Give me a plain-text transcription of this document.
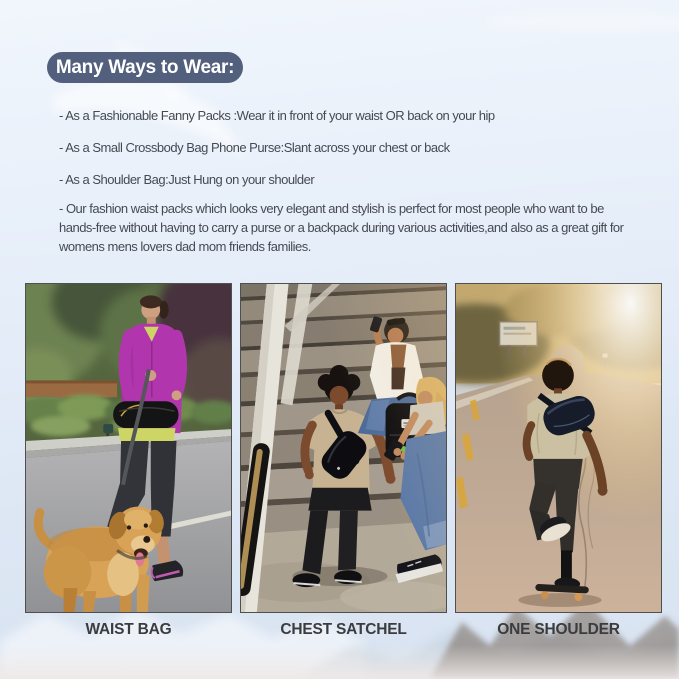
Many Ways to Wear:
- As a Fashionable Fanny Packs :Wear it in front of your waist OR back on your hip
- As a Small Crossbody Bag Phone Purse:Slant across your chest or back
- As a Shoulder Bag:Just Hung on your shoulder
- Our fashion waist packs which looks very elegant and stylish is perfect for most people who want to be
hands-free without having to carry a purse or a backpack during various activities,and also as a great gift for
womens mens lovers dad mom friends families.
WAIST BAG	CHEST SATCHEL	ONE SHOULDER
